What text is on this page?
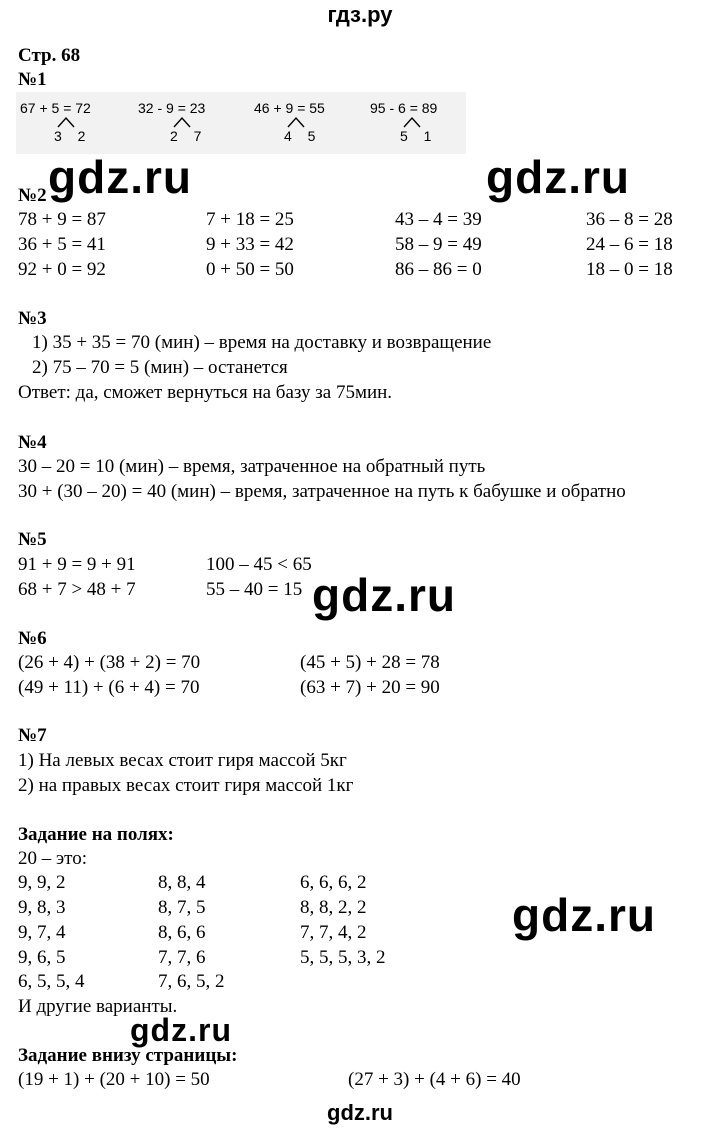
гдз.ру
gdz.ru
Стр. 68
№1
67 + 5 = 72
3 2
32 - 9 = 23
2 7
46 + 9 = 55
4 5
95 - 6 = 89
5 1
№2
78 + 9 = 87	7 + 18 = 25	43 – 4 = 39	36 – 8 = 28
36 + 5 = 41	9 + 33 = 42	58 – 9 = 49	24 – 6 = 18
92 + 0 = 92	0 + 50 = 50	86 – 86 = 0	18 – 0 = 18
№3
1) 35 + 35 = 70 (мин) – время на доставку и возвращение
2) 75 – 70 = 5 (мин) – останется
Ответ: да, сможет вернуться на базу за 75мин.
№4
30 – 20 = 10 (мин) – время, затраченное на обратный путь
30 + (30 – 20) = 40 (мин) – время, затраченное на путь к бабушке и обратно
№5
91 + 9 = 9 + 91	100 – 45 < 65
68 + 7 > 48 + 7	55 – 40 = 15
№6
(26 + 4) + (38 + 2) = 70	(45 + 5) + 28 = 78
(49 + 11) + (6 + 4) = 70	(63 + 7) + 20 = 90
№7
1) На левых весах стоит гиря массой 5кг
2) на правых весах стоит гиря массой 1кг
Задание на полях:
20 – это:
9, 9, 2	8, 8, 4	6, 6, 6, 2
9, 8, 3	8, 7, 5	8, 8, 2, 2
9, 7, 4	8, 6, 6	7, 7, 4, 2
9, 6, 5	7, 7, 6	5, 5, 5, 3, 2
6, 5, 5, 4	7, 6, 5, 2
И другие варианты.
Задание внизу страницы:
(19 + 1) + (20 + 10) = 50	(27 + 3) + (4 + 6) = 40
gdz.ru	gdz.ru
gdz.ru
gdz.ru
gdz.ru
